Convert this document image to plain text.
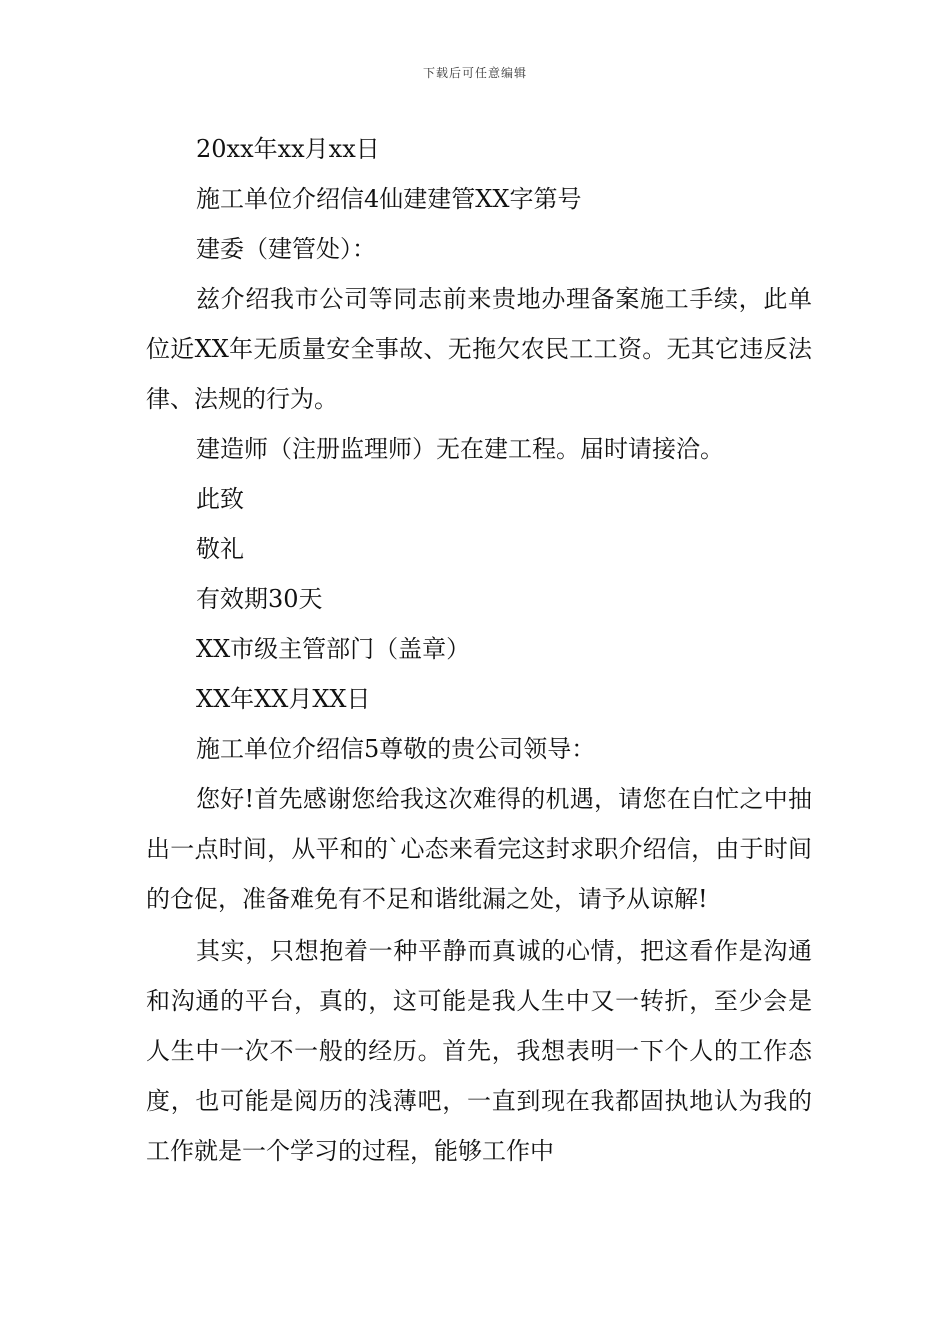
下载后可任意编辑

20xx年xx月xx日

施工单位介绍信4仙建建管XX字第号

建委（建管处）：

兹介绍我市公司等同志前来贵地办理备案施工手续，此单位近XX年无质量安全事故、无拖欠农民工工资。无其它违反法律、法规的行为。

建造师（注册监理师）无在建工程。届时请接洽。

此致

敬礼

有效期30天

XX市级主管部门（盖章）

XX年XX月XX日

施工单位介绍信5尊敬的贵公司领导：

您好!首先感谢您给我这次难得的机遇，请您在白忙之中抽出一点时间，从平和的`心态来看完这封求职介绍信，由于时间的仓促，准备难免有不足和谐纰漏之处，请予从谅解!

其实，只想抱着一种平静而真诚的心情，把这看作是沟通和沟通的平台，真的，这可能是我人生中又一转折，至少会是人生中一次不一般的经历。首先，我想表明一下个人的工作态度，也可能是阅历的浅薄吧，一直到现在我都固执地认为我的工作就是一个学习的过程，能够工作中
